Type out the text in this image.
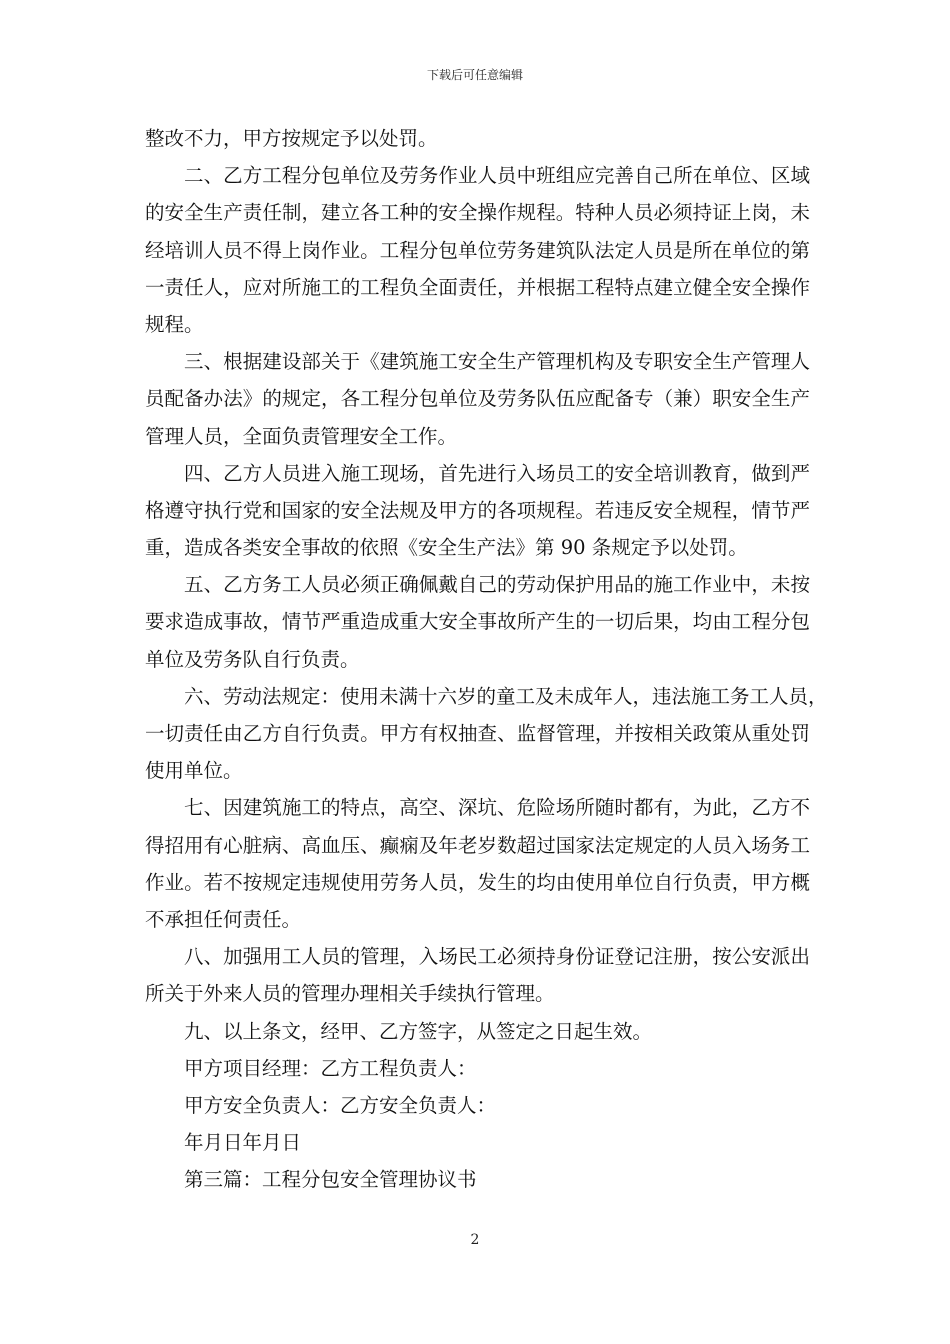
下载后可任意编辑
整改不力，甲方按规定予以处罚。
二、乙方工程分包单位及劳务作业人员中班组应完善自己所在单位、区域
的安全生产责任制，建立各工种的安全操作规程。特种人员必须持证上岗，未
经培训人员不得上岗作业。工程分包单位劳务建筑队法定人员是所在单位的第
一责任人，应对所施工的工程负全面责任，并根据工程特点建立健全安全操作
规程。
三、根据建设部关于《建筑施工安全生产管理机构及专职安全生产管理人
员配备办法》的规定，各工程分包单位及劳务队伍应配备专（兼）职安全生产
管理人员，全面负责管理安全工作。
四、乙方人员进入施工现场，首先进行入场员工的安全培训教育，做到严
格遵守执行党和国家的安全法规及甲方的各项规程。若违反安全规程，情节严
重，造成各类安全事故的依照《安全生产法》第 90 条规定予以处罚。
五、乙方务工人员必须正确佩戴自己的劳动保护用品的施工作业中，未按
要求造成事故，情节严重造成重大安全事故所产生的一切后果，均由工程分包
单位及劳务队自行负责。
六、劳动法规定：使用未满十六岁的童工及未成年人，违法施工务工人员，
一切责任由乙方自行负责。甲方有权抽查、监督管理，并按相关政策从重处罚
使用单位。
七、因建筑施工的特点，高空、深坑、危险场所随时都有，为此，乙方不
得招用有心脏病、高血压、癫痫及年老岁数超过国家法定规定的人员入场务工
作业。若不按规定违规使用劳务人员，发生的均由使用单位自行负责，甲方概
不承担任何责任。
八、加强用工人员的管理，入场民工必须持身份证登记注册，按公安派出
所关于外来人员的管理办理相关手续执行管理。
九、以上条文，经甲、乙方签字，从签定之日起生效。
甲方项目经理：乙方工程负责人：
甲方安全负责人：乙方安全负责人：
年月日年月日
第三篇：工程分包安全管理协议书
2
